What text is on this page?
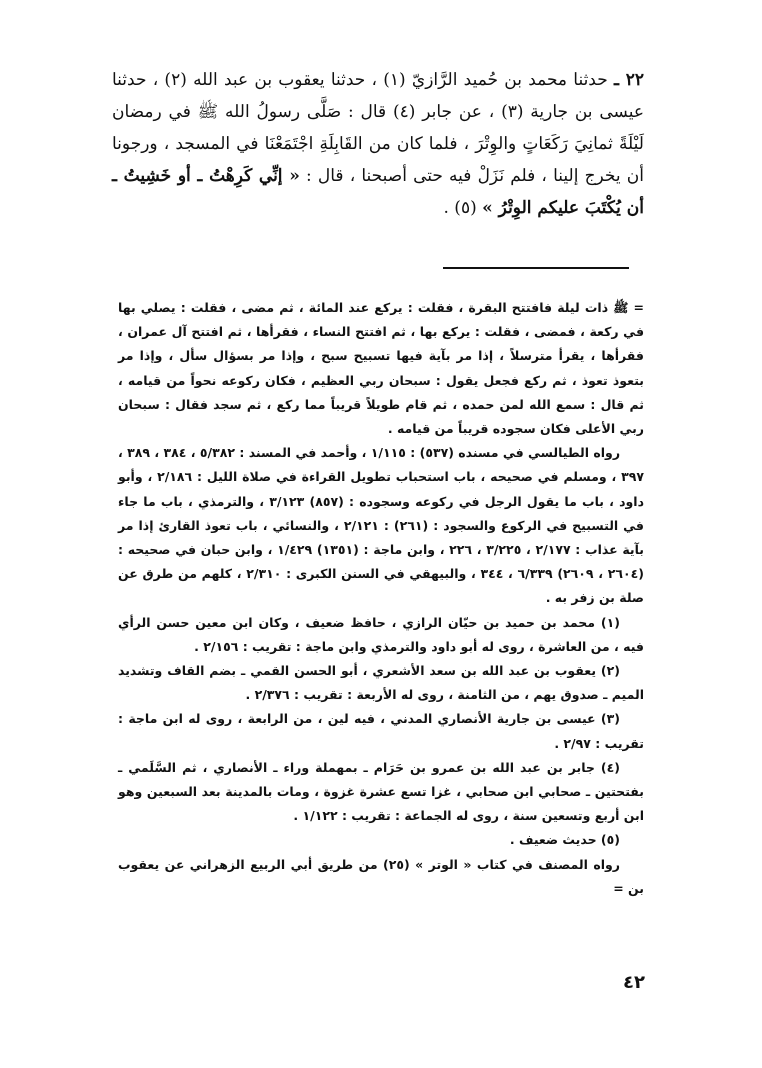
٢٢ ـ حدثنا محمد بن حُميد الرَّازيّ (١) ، حدثنا يعقوب بن عبد الله (٢) ، حدثنا عيسى بن جارية (٣) ، عن جابر (٤) قال : صَلَّى رسولُ الله ﷺ في رمضان لَيْلَةً ثمانِيَ رَكَعَاتٍ والوِتْرَ ، فلما كان من القَابِلَةِ اجْتَمَعْنَا في المسجد ، ورجونا أن يخرج إلينا ، فلم نَزَلْ فيه حتى أصبحنا ، قال : « إنِّي كَرِهْتُ ـ أو خَشِيتُ ـ أن يُكْتَبَ عليكم الوِتْرُ » (٥) .

= ﷺ ذات ليلة فافتتح البقرة ، فقلت : يركع عند المائة ، ثم مضى ، فقلت : يصلي بها في ركعة ، فمضى ، فقلت : يركع بها ، ثم افتتح النساء ، فقرأها ، ثم افتتح آل عمران ، فقرأها ، يقرأ مترسلاً ، إذا مر بآية فيها تسبيح سبح ، وإذا مر بسؤال سأل ، وإذا مر بتعوذ تعوذ ، ثم ركع فجعل يقول : سبحان ربي العظيم ، فكان ركوعه نحواً من قيامه ، ثم قال : سمع الله لمن حمده ، ثم قام طويلاً قريباً مما ركع ، ثم سجد فقال : سبحان ربي الأعلى فكان سجوده قريباً من قيامه .

رواه الطيالسي في مسنده (٥٣٧) : ١/١١٥ ، وأحمد في المسند : ٥/٣٨٢ ، ٣٨٤ ، ٣٨٩ ، ٣٩٧ ، ومسلم في صحيحه ، باب استحباب تطويل القراءة في صلاة الليل : ٢/١٨٦ ، وأبو داود ، باب ما يقول الرجل في ركوعه وسجوده : (٨٥٧) ٣/١٢٣ ، والترمذي ، باب ما جاء في التسبيح في الركوع والسجود : (٢٦١) : ٢/١٢١ ، والنسائي ، باب تعوذ القارئ إذا مر بآية عذاب : ٢/١٧٧ ، ٣/٢٢٥ ، ٢٢٦ ، وابن ماجة : (١٣٥١) ١/٤٢٩ ، وابن حبان في صحيحه : (٢٦٠٤ ، ٢٦٠٩) ٦/٣٣٩ ، ٣٤٤ ، والبيهقي في السنن الكبرى : ٢/٣١٠ ، كلهم من طرق عن صلة بن زفر به .

(١) محمد بن حميد بن حيّان الرازي ، حافظ ضعيف ، وكان ابن معين حسن الرأي فيه ، من العاشرة ، روى له أبو داود والترمذي وابن ماجة : تقريب : ٢/١٥٦ .

(٢) يعقوب بن عبد الله بن سعد الأشعري ، أبو الحسن القمي ـ بضم القاف وتشديد الميم ـ صدوق يهم ، من الثامنة ، روى له الأربعة : تقريب : ٢/٣٧٦ .

(٣) عيسى بن جارية الأنصاري المدني ، فيه لين ، من الرابعة ، روى له ابن ماجة : تقريب : ٢/٩٧ .

(٤) جابر بن عبد الله بن عمرو بن حَرَام ـ بمهملة وراء ـ الأنصاري ، ثم السَّلَمي ـ بفتحتين ـ صحابي ابن صحابي ، غزا تسع عشرة غزوة ، ومات بالمدينة بعد السبعين وهو ابن أربع وتسعين سنة ، روى له الجماعة : تقريب : ١/١٢٢ .

(٥) حديث ضعيف .

رواه المصنف في كتاب « الوتر » (٢٥) من طريق أبي الربيع الزهراني عن يعقوب بن =

٤٢
